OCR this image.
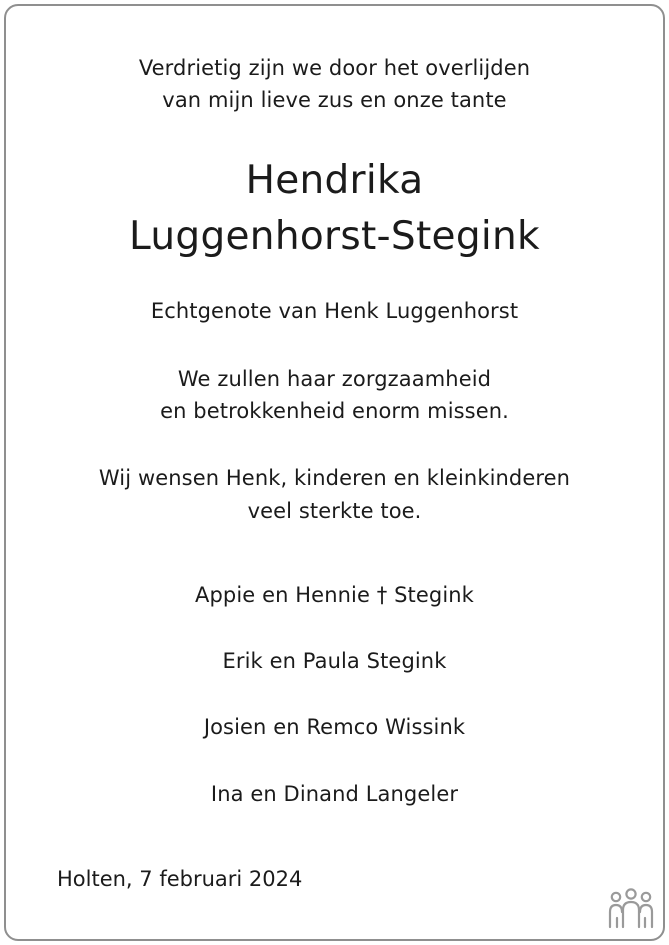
Verdrietig zijn we door het overlijden
van mijn lieve zus en onze tante
Hendrika
Luggenhorst-Stegink
Echtgenote van Henk Luggenhorst
We zullen haar zorgzaamheid
en betrokkenheid enorm missen.
Wij wensen Henk, kinderen en kleinkinderen
veel sterkte toe.
Appie en Hennie † Stegink
Erik en Paula Stegink
Josien en Remco Wissink
Ina en Dinand Langeler
Holten, 7 februari 2024
